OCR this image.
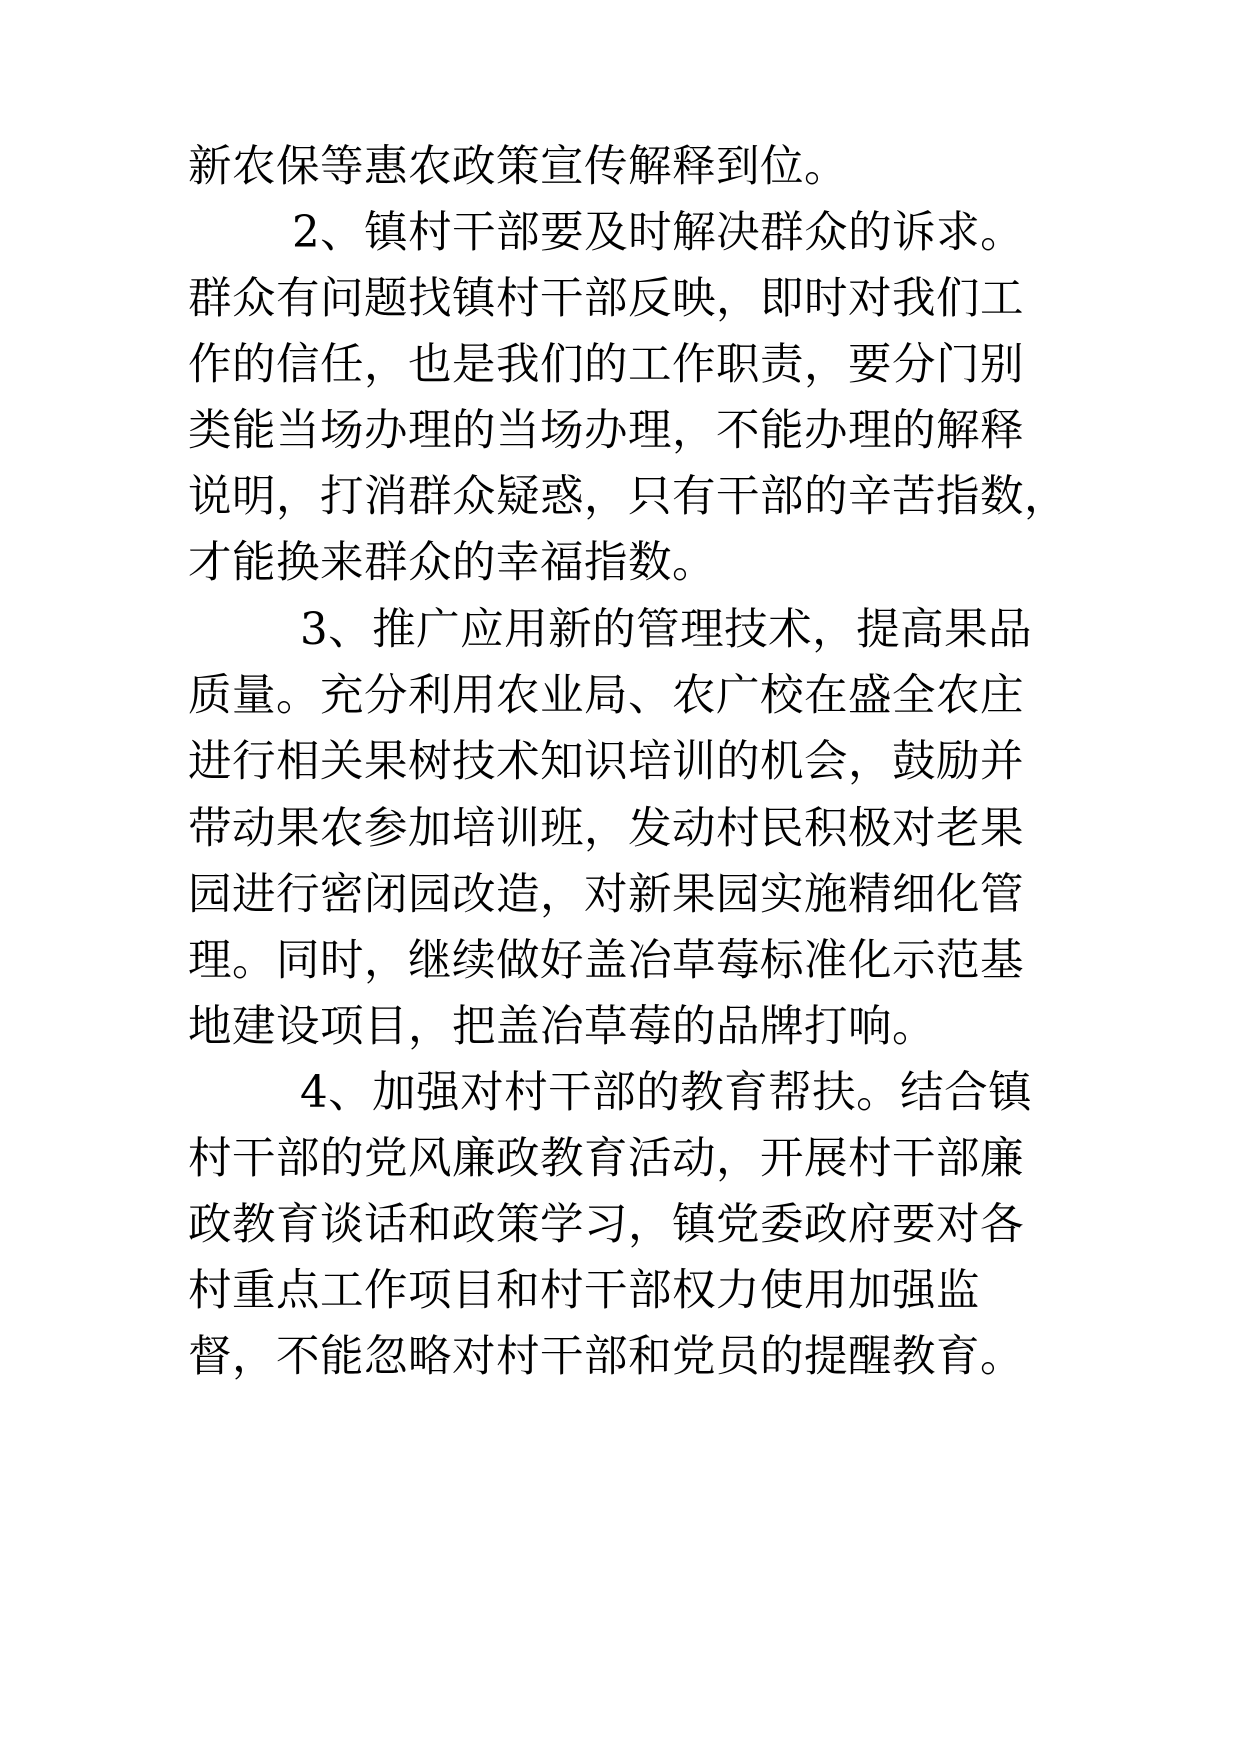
新农保等惠农政策宣传解释到位。
2、镇村干部要及时解决群众的诉求。
群众有问题找镇村干部反映，即时对我们工
作的信任，也是我们的工作职责，要分门别
类能当场办理的当场办理，不能办理的解释
说明，打消群众疑惑，只有干部的辛苦指数，
才能换来群众的幸福指数。
3、推广应用新的管理技术，提高果品
质量。充分利用农业局、农广校在盛全农庄
进行相关果树技术知识培训的机会，鼓励并
带动果农参加培训班，发动村民积极对老果
园进行密闭园改造，对新果园实施精细化管
理。同时，继续做好盖冶草莓标准化示范基
地建设项目，把盖冶草莓的品牌打响。
4、加强对村干部的教育帮扶。结合镇
村干部的党风廉政教育活动，开展村干部廉
政教育谈话和政策学习，镇党委政府要对各
村重点工作项目和村干部权力使用加强监
督，不能忽略对村干部和党员的提醒教育。
